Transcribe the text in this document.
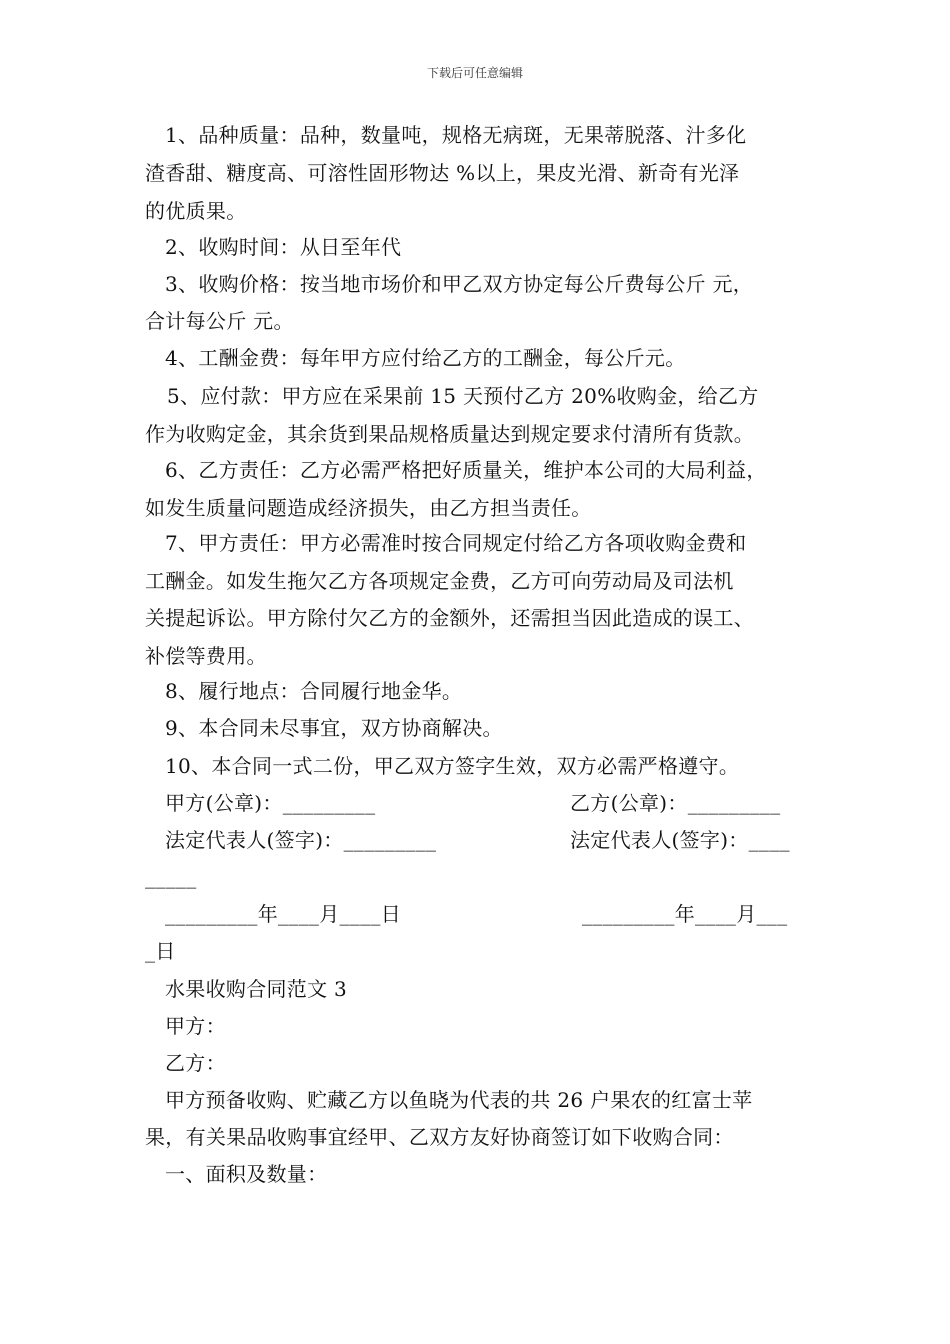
下载后可任意编辑
1、品种质量：品种，数量吨，规格无病斑，无果蒂脱落、汁多化
渣香甜、糖度高、可溶性固形物达 %以上，果皮光滑、新奇有光泽
的优质果。
2、收购时间：从日至年代
3、收购价格：按当地市场价和甲乙双方协定每公斤费每公斤 元，
合计每公斤 元。
4、工酬金费：每年甲方应付给乙方的工酬金，每公斤元。
5、应付款：甲方应在采果前 15 天预付乙方 20%收购金，给乙方
作为收购定金，其余货到果品规格质量达到规定要求付清所有货款。
6、乙方责任：乙方必需严格把好质量关，维护本公司的大局利益，
如发生质量问题造成经济损失，由乙方担当责任。
7、甲方责任：甲方必需准时按合同规定付给乙方各项收购金费和
工酬金。如发生拖欠乙方各项规定金费，乙方可向劳动局及司法机
关提起诉讼。甲方除付欠乙方的金额外，还需担当因此造成的误工、
补偿等费用。
8、履行地点：合同履行地金华。
9、本合同未尽事宜，双方协商解决。
10、本合同一式二份，甲乙双方签字生效，双方必需严格遵守。
甲方(公章)：_________	乙方(公章)：_________
法定代表人(签字)：_________	法定代表人(签字)：____
_____
_________年____月____日	_________年____月___
_日
水果收购合同范文 3
甲方：
乙方：
甲方预备收购、贮藏乙方以鱼晓为代表的共 26 户果农的红富士苹
果，有关果品收购事宜经甲、乙双方友好协商签订如下收购合同：
一、面积及数量：
